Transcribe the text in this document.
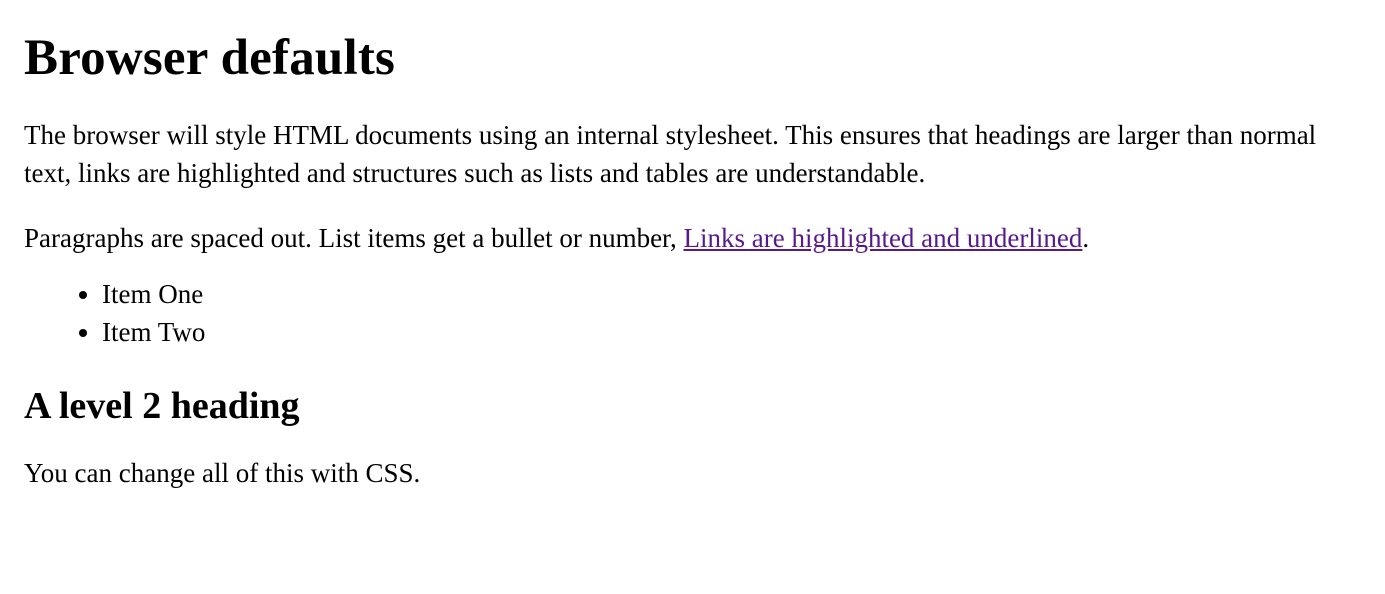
Browser defaults

The browser will style HTML documents using an internal stylesheet. This ensures that headings are larger than normal text, links are highlighted and structures such as lists and tables are understandable.

Paragraphs are spaced out. List items get a bullet or number, Links are highlighted and underlined.

• Item One
• Item Two
A level 2 heading

You can change all of this with CSS.
